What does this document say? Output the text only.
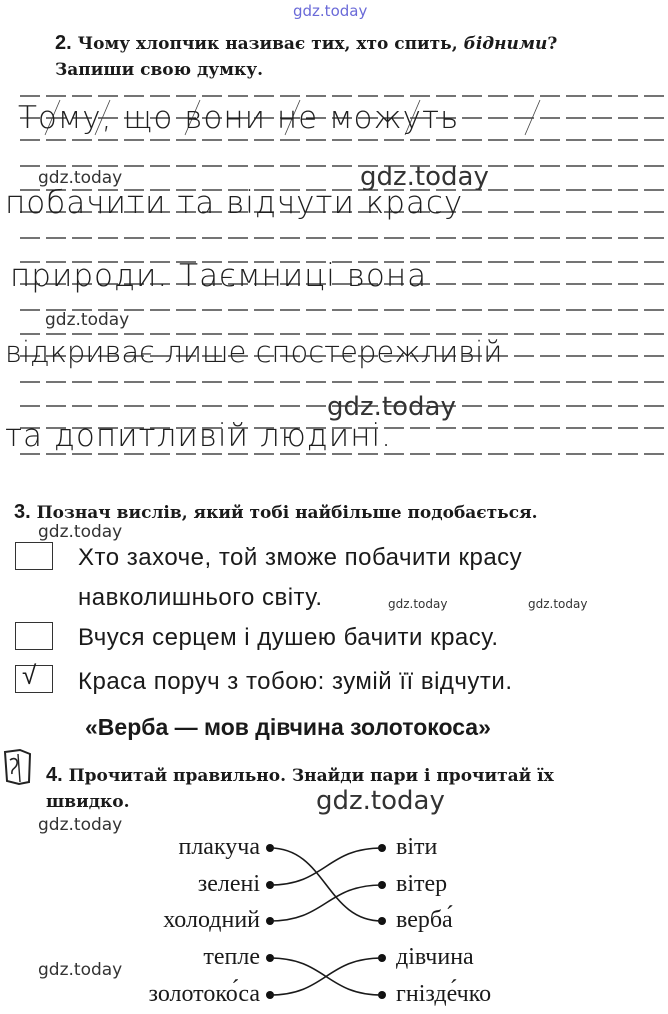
gdz.today
2. Чому хлопчик називає тих, хто спить, бідними?
Запиши свою думку.
Тому, що вони не можуть
побачити та відчути красу
природи. Таємниці вона
відкриває лише спостережливій
та допитливій людині.
gdz.today	gdz.today
gdz.today
gdz.today
3. Познач вислів, який тобі найбільше подобається.
gdz.today
Хто захоче, той зможе побачити красу
навколишнього світу.	gdz.today	gdz.today
Вчуся серцем і душею бачити красу.
√ Краса поруч з тобою: зумій її відчути.
«Верба — мов дівчина золотокоса»
4. Прочитай правильно. Знайди пари і прочитай їх
швидко.	gdz.today
gdz.today
gdz.today
плакуча
зелені
холодний
тепле
золотоко́са
віти
вітер
верба́
дівчина
гнізде́чко
